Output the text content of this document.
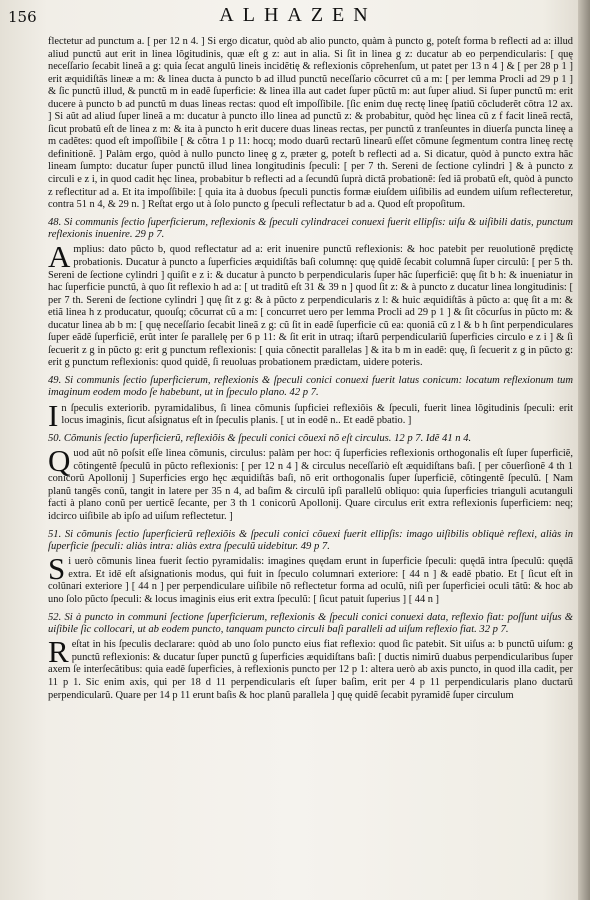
156	ALHAZEN

flectetur ad punctum a. [ per 12 n 4. ] Si ergo dicatur, quòd ab alio puncto, quàm à puncto g, poteſt forma b reflecti ad a: illud aliud punctũ aut erit in linea lõgitudinis, quæ eſt g z: aut in alia. Si ſit in linea g z: ducatur ab eo perpendicularis: [ quę neceſſario ſecabit lineã a g: quia ſecat angulũ lineis incidẽtię & reflexionis cõprehenſum, ut patet per 13 n 4 ] & [ per 28 p 1 ] erit æquidiſtãs lineæ a m: & linea ducta à puncto b ad illud punctũ neceſſario cõcurret cũ a m: [ per lemma Procli ad 29 p 1 ] & ſic punctũ illud, & punctũ m in eadẽ ſuperficie: & linea illa aut cadet ſuper pũctũ m: aut ſuper aliud. Si ſuper punctũ m: erit ducere à puncto b ad punctũ m duas lineas rectas: quod eſt impoſſibile. [ſic enim duę rectę lineę ſpatiũ cõcluderẽt cõtra 12 ax. ] Si aũt ad aliud ſuper lineã a m: ducatur à puncto illo linea ad punctũ z: & probabitur, quòd hęc linea cũ z f facit lineã rectã, ſicut probatũ eſt de linea z m: & ita à puncto h erit ducere duas lineas rectas, per punctũ z tranſeuntes in diuerſa puncta lineę a m cadẽtes: quod eſt impoſſibile [ & cõtra 1 p 11: hocq; modo duarũ rectarũ linearũ eſſet cõmune ſegmentum contra lineę rectę definitionẽ. ] Palàm ergo, quòd à nullo puncto lineę g z, præter g, poteſt b reflecti ad a. Si dicatur, quòd à puncto extra hãc lineam ſumpto: ducatur ſuper punctũ illud linea longitudinis ſpeculi: [ per 7 th. Sereni de ſectione cylindri ] & à puncto z circuli e z i, in quod cadit hęc linea, probabitur b reflecti ad a ſecundũ ſuprà dictã probationẽ: ſed iã probatũ eſt, quòd à puncto z reflectitur ad a. Et ita impoſſibile: [ quia ita à duobus ſpeculi punctis formæ eiuſdem uiſibilis ad eundem uiſum reflecteretur, contra 51 n 4, & 29 n. ] Reſtat ergo ut à ſolo puncto g ſpeculi reflectatur b ad a. Quod eſt propoſitum.

48. Si communis ſectio ſuperficierum, reflexionis & ſpeculi cylindracei conuexi fuerit ellipſis: uiſu & uiſibili datis, punctum reflexionis inuenire. 29 p 7.

Amplius: dato pũcto b, quod reflectatur ad a: erit inuenire punctũ reflexionis: & hoc patebit per reuolutionẽ prędictę probationis. Ducatur à puncto a ſuperficies æquidiſtãs baſi columnę: quę quidẽ ſecabit columnã ſuper circulũ: [ per 5 th. Sereni de ſectione cylindri ] quiſit e z i: & ducatur à puncto b perpendicularis ſuper hãc ſuperficiẽ: quę ſit b h: & inueniatur in hac ſuperficie punctũ, à quo ſit reflexio h ad a: [ ut traditũ eſt 31 & 39 n ] quod ſit z: & à puncto z ducatur linea longitudinis: [ per 7 th. Sereni de ſectione cylindri ] quę ſit z g: & à pũcto z perpendicularis z l: & huic æquidiſtãs à pũcto a: quę ſit a m: & etiã linea h z producatur, quouſq; cõcurrat cũ a m: [ concurret uero per lemma Procli ad 29 p 1 ] & ſit cõcurſus in pũcto m: & ducatur linea ab b m: [ quę neceſſario ſecabit lineã z g: cũ ſit in eadẽ ſuperficie cũ ea: quoniã cũ z l & b h ſint perpendiculares ſuper eãdẽ ſuperficiẽ, erũt inter ſe parallelę per 6 p 11: & ſit erit in utraq; iſtarũ perpendiculariũ ſuperficies circulo e z i ] & ſi ſecuerit z g in pũcto g: erit g punctum reflexionis: [ quia cõnectit parallelas ] & ita b m in eadẽ: quę, ſi ſecuerit z g in pũcto g: erit g punctum reflexionis: quod quidẽ, ſi reuoluas probationem prædictam, uidere poteris.

49. Si communis ſectio ſuperficierum, reflexionis & ſpeculi conici conuexi fuerit latus conicum: locatum reflexionum tum imaginum eodem modo ſe habebunt, ut in ſpeculo plano. 42 p 7.

In ſpeculis exteriorib. pyramidalibus, ſi linea cõmunis ſupficiei reflexiõis & ſpeculi, fuerit linea lõgitudinis ſpeculi: erit locus imaginis, ſicut aſsignatus eſt in ſpeculis planis. [ ut in eodẽ n.. Et eadẽ pbatio. ]

50. Cõmunis ſectio ſuperficierũ, reflexiõis & ſpeculi conici cõuexi nõ eſt circulus. 12 p 7. Idẽ 41 n 4.

Quod aũt nõ poſsit eſſe linea cõmunis, circulus: palàm per hoc: q̃ ſuperficies reflexionis orthogonalis eſt ſuper ſuperficiẽ, cõtingentẽ ſpeculũ in pũcto reflexionis: [ per 12 n 4 ] & circulus neceſſariò eſt æquidiſtans baſi. [ per cõuerſionẽ 4 th 1 conicorũ Apollonij ] Superficies ergo hęc æquidiſtãs baſi, nõ erit orthogonalis ſuper ſuperficiẽ, cõtingentẽ ſpeculũ. [ Nam planũ tangẽs conũ, tangit in latere per 35 n 4, ad baſim & circulũ ipſi parallelũ obliquo: quia ſuperficies trianguli acutanguli facti à plano conũ per uerticẽ ſecante, per 3 th 1 conicorũ Apollonij. Quare circulus erit extra reflexionis ſuperficiem: neq; idcirco uiſibile ab ipſo ad uiſum reflectetur. ]

51. Si cõmunis ſectio ſuperficierũ reflexiõis & ſpeculi conici cõuexi fuerit ellipſis: imago uiſibilis obliquè reflexi, aliàs in ſuperficie ſpeculi: aliàs intra: aliàs extra ſpeculũ uidebitur. 49 p 7.

Si uerò cõmunis linea fuerit ſectio pyramidalis: imagines quędam erunt in ſuperficie ſpeculi: quędã intra ſpeculũ: quędã extra. Et idẽ eſt aſsignationis modus, qui fuit in ſpeculo columnari exteriore: [ 44 n ] & eadẽ pbatio. Et [ ſicut eſt in colũnari exteriore ] [ 44 n ] per perpendiculare uiſibile nõ reflectetur forma ad oculũ, niſi per ſuperficiei oculi tãtũ: & hoc ab uno ſolo pũcto ſpeculi: & locus imaginis eius erit extra ſpeculũ: [ ſicut patuit ſuperius ] [ 44 n ]

52. Si à puncto in communi ſectione ſuperficierum, reflexionis & ſpeculi conici conuexi data, reflexio fiat: poſſunt uiſus & uiſibile ſic collocari, ut ab eodem puncto, tanquam puncto circuli baſi paralleli ad uiſum reflexio fiat. 32 p 7.

Reſtat in his ſpeculis declarare: quòd ab uno ſolo puncto eius fiat reflexio: quod ſic patebit. Sit uiſus a: b punctũ uiſum: g punctũ reflexionis: & ducatur ſuper punctũ g ſuperficies æquidiſtans baſi: [ ductis nimirũ duabus perpendicularibus ſuper axem ſe interſecãtibus: quia eadẽ ſuperficies, à reflexionis puncto per 12 p 1: altera uerò ab axis puncto, in quod illa cadit, per 11 p 1. Sic enim axis, qui per 18 d 11 perpendicularis eſt ſuper baſim, erit per 4 p 11 perpendicularis plano ductarũ perpendicularũ. Quare per 14 p 11 erunt baſis & hoc planũ parallela ] quę quidẽ ſecabit pyramidẽ ſuper circulum
